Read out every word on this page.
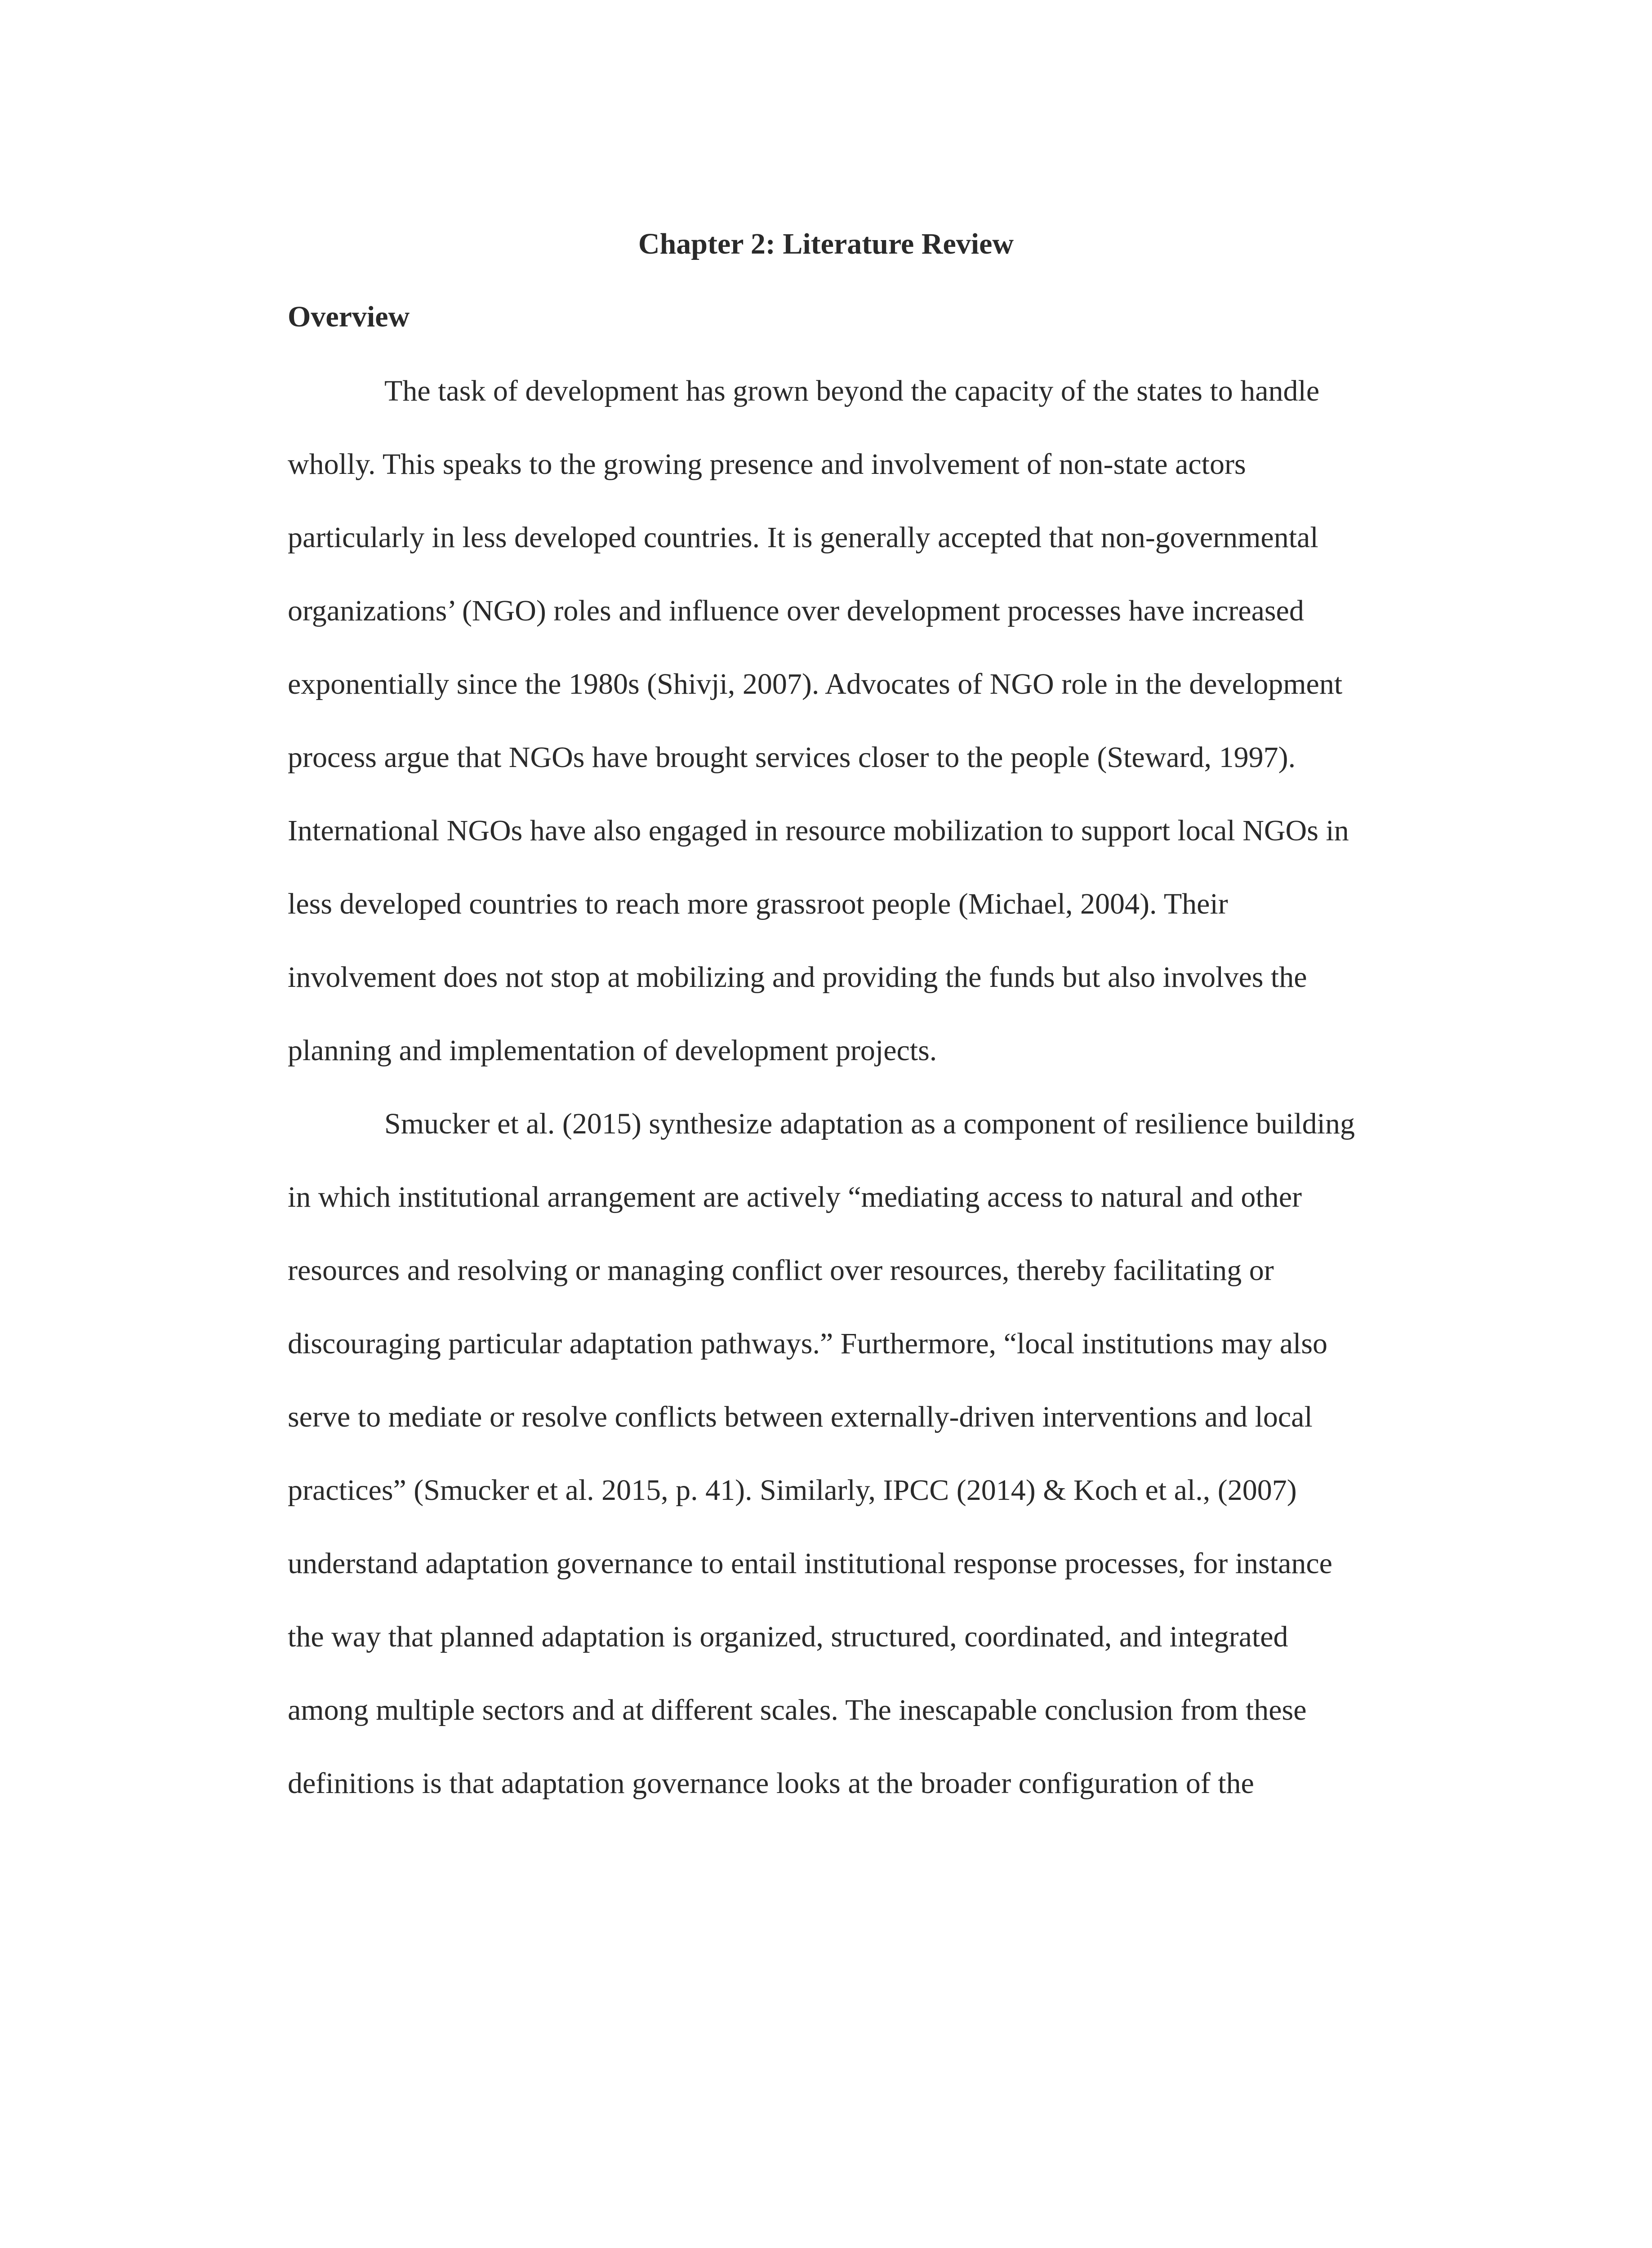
Chapter 2: Literature Review
Overview

The task of development has grown beyond the capacity of the states to handle

wholly. This speaks to the growing presence and involvement of non-state actors

particularly in less developed countries. It is generally accepted that non-governmental

organizations’ (NGO) roles and influence over development processes have increased

exponentially since the 1980s (Shivji, 2007). Advocates of NGO role in the development

process argue that NGOs have brought services closer to the people (Steward, 1997).

International NGOs have also engaged in resource mobilization to support local NGOs in

less developed countries to reach more grassroot people (Michael, 2004). Their

involvement does not stop at mobilizing and providing the funds but also involves the

planning and implementation of development projects.

Smucker et al. (2015) synthesize adaptation as a component of resilience building

in which institutional arrangement are actively “mediating access to natural and other

resources and resolving or managing conflict over resources, thereby facilitating or

discouraging particular adaptation pathways.” Furthermore, “local institutions may also

serve to mediate or resolve conflicts between externally-driven interventions and local

practices” (Smucker et al. 2015, p. 41). Similarly, IPCC (2014) & Koch et al., (2007)

understand adaptation governance to entail institutional response processes, for instance

the way that planned adaptation is organized, structured, coordinated, and integrated

among multiple sectors and at different scales. The inescapable conclusion from these

definitions is that adaptation governance looks at the broader configuration of the
